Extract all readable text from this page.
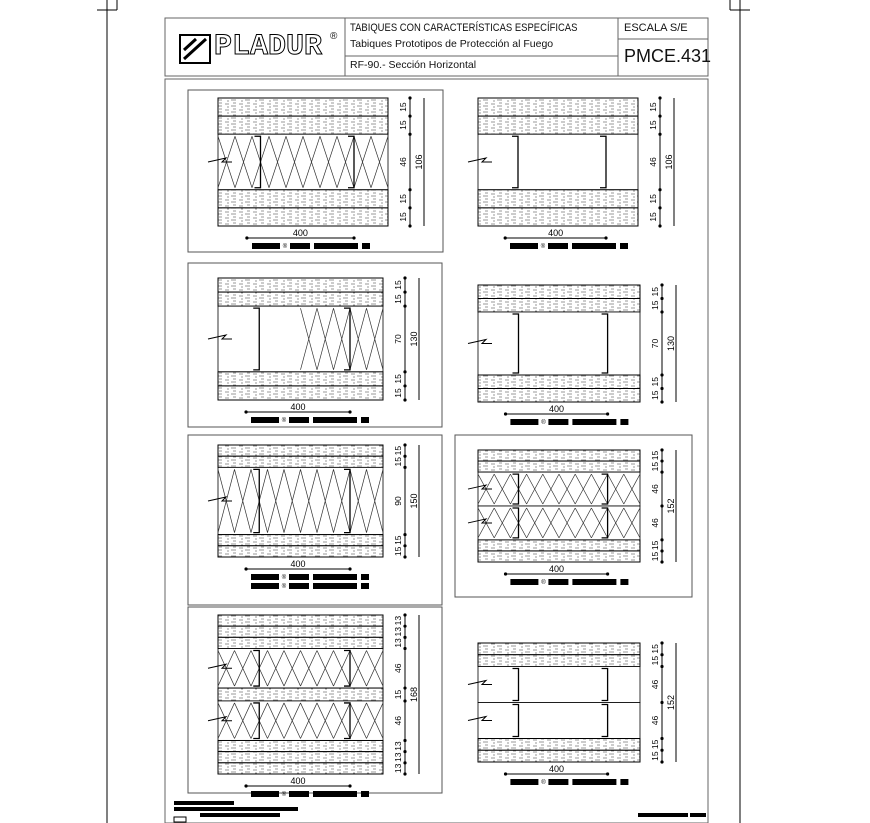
15
15
46
15
15
106
400
®
15
15
46
15
15
106
400
®
15
15
70
15
15
130
400
®
15
15
70
15
15
130
400
®
15
15
90
15
15
150
400
®
®
15
15
46
46
15
15
152
400
®
13
13
13
46
15
46
13
13
13
168
400
®
15
15
46
46
15
15
152
400
®
PLADUR ®
TABIQUES CON CARACTERÍSTICAS ESPECÍFICAS
Tabiques Prototipos de Protección al Fuego
RF-90.- Sección Horizontal
ESCALA S/E
PMCE.431
